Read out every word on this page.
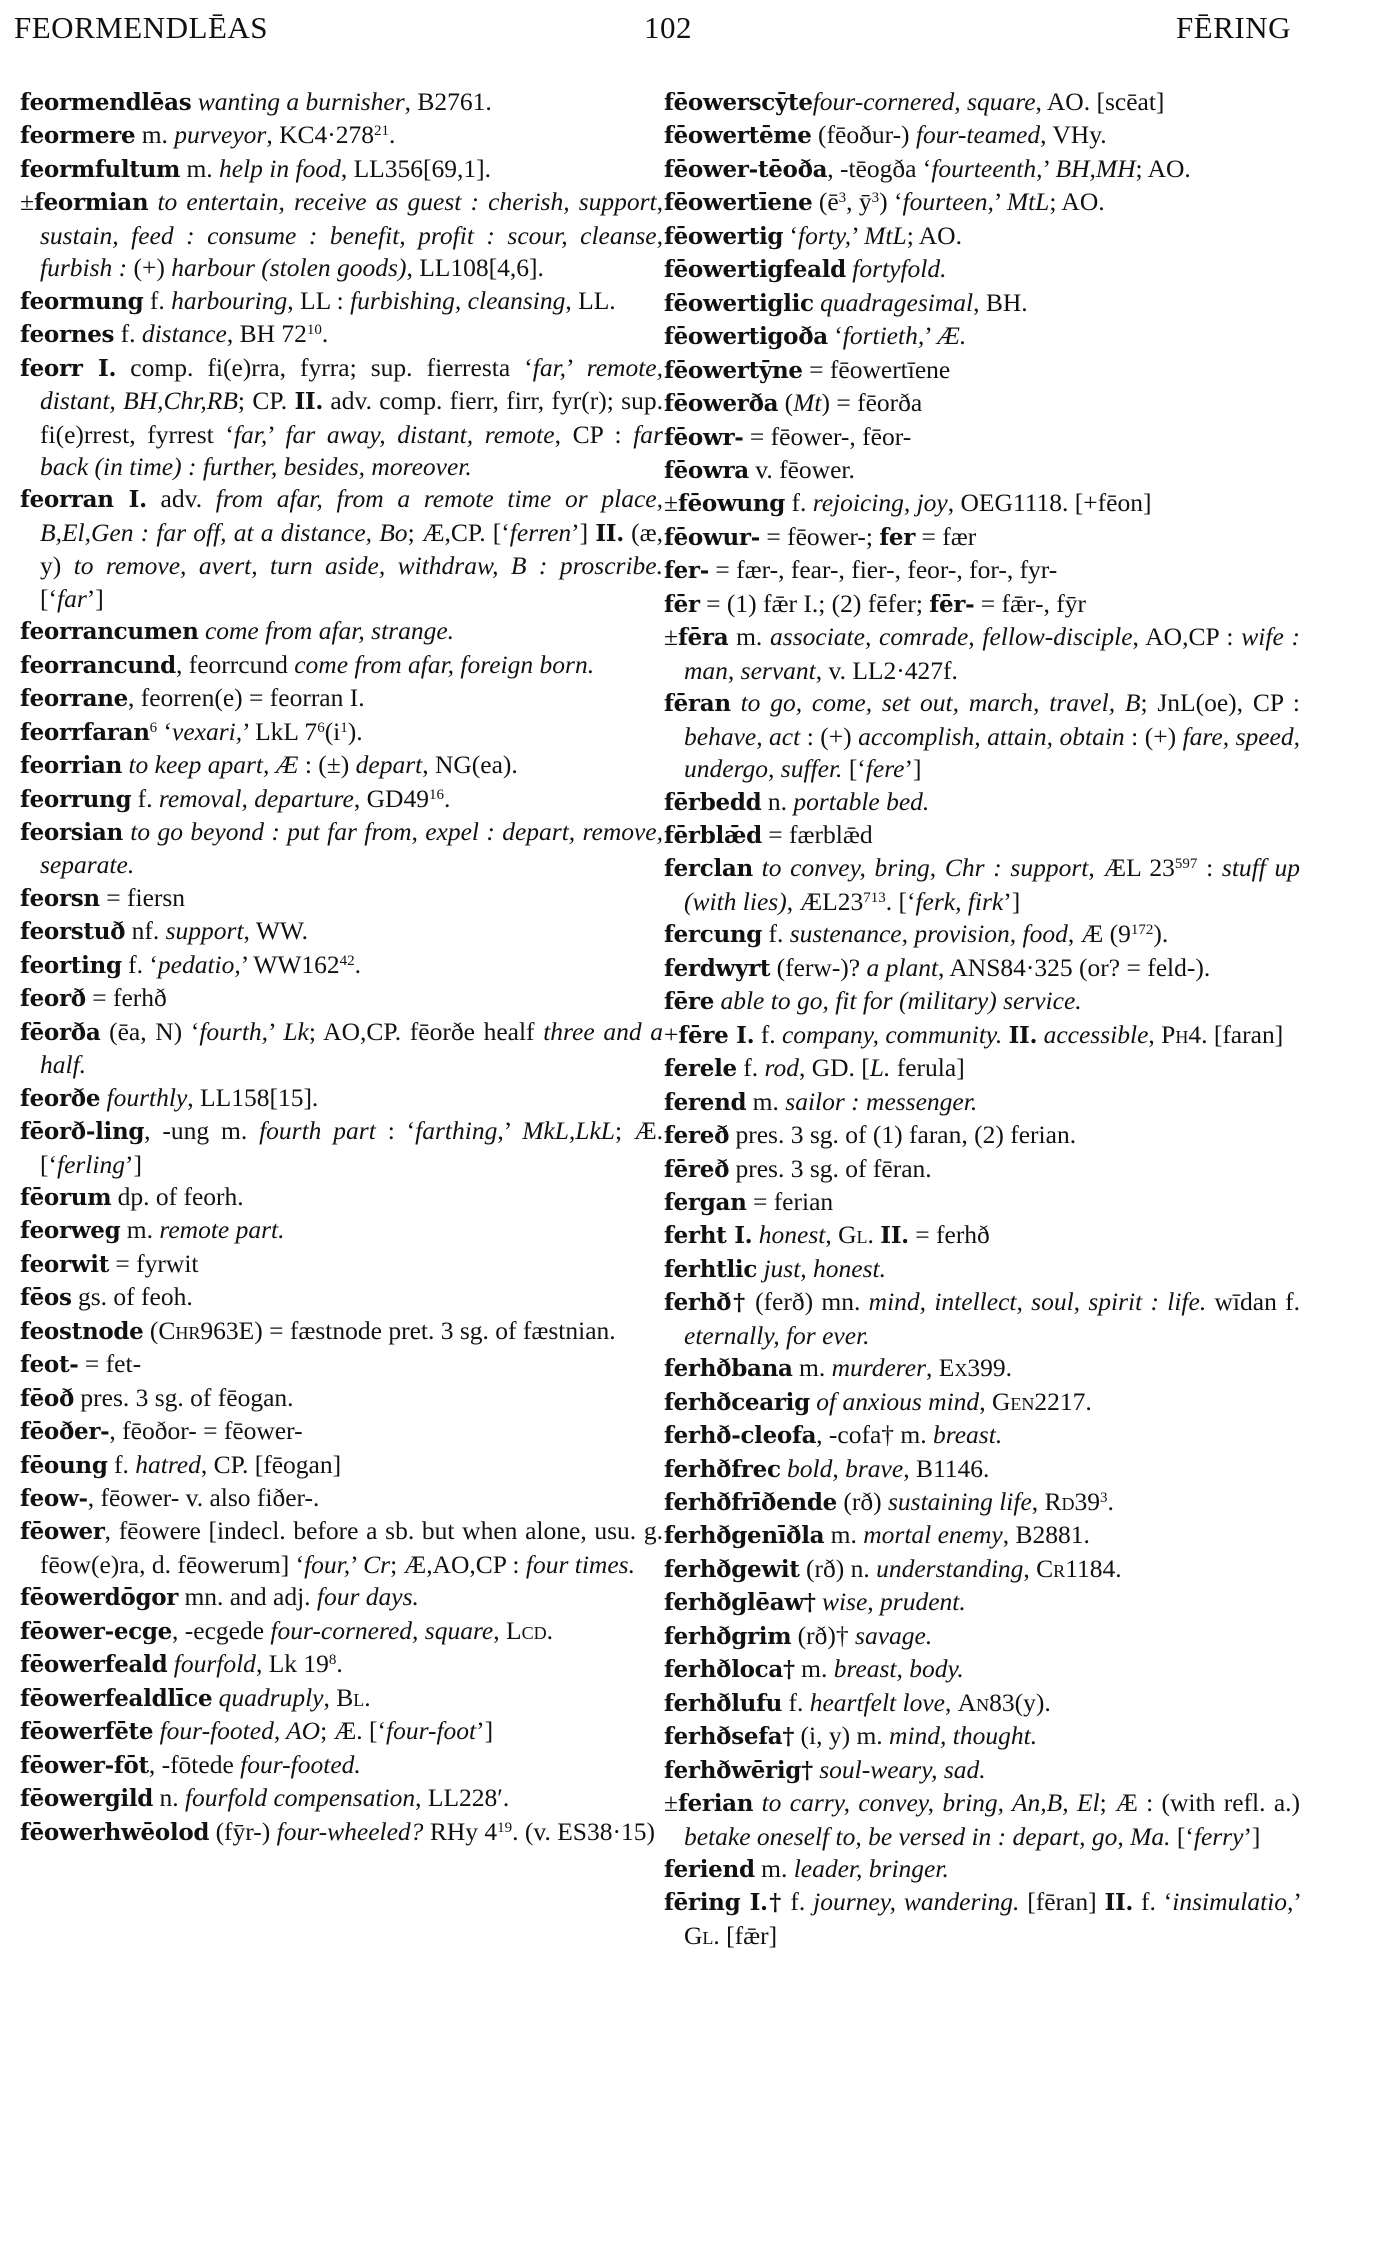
FEORMENDLĒAS	102	FĒRING
feormendlēas wanting a burnisher, B2761.
feormere m. purveyor, $KC4\cdot 278^{21}$.
feormfultum m. help in food, LL356[69,1].
±feormian to entertain, receive as guest : cherish, support, sustain, feed : consume : benefit, profit : scour, cleanse, furbish : (+) harbour (stolen goods), LL108[4,6].
feormung f. harbouring, LL : furbishing, cleansing, LL.
feornes f. distance, BH $72^{10}$.
feorr I. comp. fi(e)rra, fyrra; sup. fierresta ‘far,’ remote, distant, BH,Chr,RB; CP. II. adv. comp. fierr, firr, fyr(r); sup. fi(e)rrest, fyrrest ‘far,’ far away, distant, remote, CP : far back (in time) : further, besides, moreover.
feorran I. adv. from afar, from a remote time or place, B,El,Gen : far off, at a distance, Bo; Æ,CP. [‘ferren’] II. (æ, y) to remove, avert, turn aside, withdraw, B : proscribe. [‘far’]
feorrancumen come from afar, strange.
feorrancund, feorrcund come from afar, foreign born.
feorrane, feorren(e) = feorran I.
feorrfaran$^6$ ‘vexari,’ LkL $7^6(i^1)$.
feorrian to keep apart, Æ : (±) depart, NG(ea).
feorrung f. removal, departure, $GD49^{16}$.
feorsian to go beyond : put far from, expel : depart, remove, separate.
feorsn = fiersn
feorstuð nf. support, WW.
feorting f. ‘pedatio,’ $WW162^{42}$.
feorð = ferhð
fēorða (ēa, N) ‘fourth,’ Lk; AO,CP. fēorðe healf three and a half.
feorðe fourthly, LL158[15].
fēorð-ling, -ung m. fourth part : ‘farthing,’ MkL,LkL; Æ. [‘ferling’]
fēorum dp. of feorh.
feorweg m. remote part.
feorwit = fyrwit
fēos gs. of feoh.
feostnode (Chr963E) = fæstnode pret. 3 sg. of fæstnian.
feot- = fet-
fēoð pres. 3 sg. of fēogan.
fēoðer-, fēoðor- = fēower-
fēoung f. hatred, CP. [fēogan]
feow-, fēower- v. also fiðer-.
fēower, fēowere [indecl. before a sb. but when alone, usu. g. fēow(e)ra, d. fēowerum] ‘four,’ Cr; Æ,AO,CP : four times.
fēowerdōgor mn. and adj. four days.
fēower-ecge, -ecgede four-cornered, square, Lcd.
fēowerfeald fourfold, Lk $19^8$.
fēowerfealdlīce quadruply, Bl.
fēowerfēte four-footed, AO; Æ. [‘four-foot’]
fēower-fōt, -fōtede four-footed.
fēowergild n. fourfold compensation, LL228′.
fēowerhwēolod (fȳr-) four-wheeled? RHy $4^{19}$. (v. ES38·15)
fēowerscȳtefour-cornered, square, AO. [scēat]
fēowertēme (fēoður-) four-teamed, VHy.
fēower-tēoða, -tēogða ‘fourteenth,’ BH,MH; AO.
fēowertīene ($ē^3$, $ȳ^3$) ‘fourteen,’ MtL; AO.
fēowertig ‘forty,’ MtL; AO.
fēowertigfeald fortyfold.
fēowertiglic quadragesimal, BH.
fēowertigoða ‘fortieth,’ Æ.
fēowertȳne = fēowertīene
fēowerða (Mt) = fēorða
fēowr- = fēower-, fēor-
fēowra v. fēower.
±fēowung f. rejoicing, joy, OEG1118. [+fēon]
fēowur- = fēower-; fer = fær
fer- = fær-, fear-, fier-, feor-, for-, fyr-
fēr = (1) fǣr I.; (2) fēfer; fēr- = fǣr-, fȳr
±fēra m. associate, comrade, fellow-disciple, AO,CP : wife : man, servant, v. LL2·427f.
fēran to go, come, set out, march, travel, B; JnL(oe), CP : behave, act : (+) accomplish, attain, obtain : (+) fare, speed, undergo, suffer. [‘fere’]
fērbedd n. portable bed.
fērblǣd = færblǣd
ferclan to convey, bring, Chr : support, ÆL $23^{597}$ : stuff up (with lies), $ÆL23^{713}$. [‘ferk, firk’]
fercung f. sustenance, provision, food, Æ $(9^{172})$.
ferdwyrt (ferw-)? a plant, ANS84·325 (or? = feld-).
fēre able to go, fit for (military) service.
+fēre I. f. company, community. II. accessible, Ph4. [faran]
ferele f. rod, GD. [L. ferula]
ferend m. sailor : messenger.
fereð pres. 3 sg. of (1) faran, (2) ferian.
fēreð pres. 3 sg. of fēran.
fergan = ferian
ferht I. honest, Gl. II. = ferhð
ferhtlic just, honest.
ferhð† (ferð) mn. mind, intellect, soul, spirit : life. wīdan f. eternally, for ever.
ferhðbana m. murderer, Ex399.
ferhðcearig of anxious mind, Gen2217.
ferhð-cleofa, -cofa† m. breast.
ferhðfrec bold, brave, B1146.
ferhðfrīðende (rð) sustaining life, $Rd39^3$.
ferhðgenīðla m. mortal enemy, B2881.
ferhðgewit (rð) n. understanding, Cr1184.
ferhðglēaw† wise, prudent.
ferhðgrim (rð)† savage.
ferhðloca† m. breast, body.
ferhðlufu f. heartfelt love, An83(y).
ferhðsefa† (i, y) m. mind, thought.
ferhðwērig† soul-weary, sad.
±ferian to carry, convey, bring, An,B, El; Æ : (with refl. a.) betake oneself to, be versed in : depart, go, Ma. [‘ferry’]
feriend m. leader, bringer.
fēring I.† f. journey, wandering. [fēran] II. f. ‘insimulatio,’ Gl. [fǣr]
